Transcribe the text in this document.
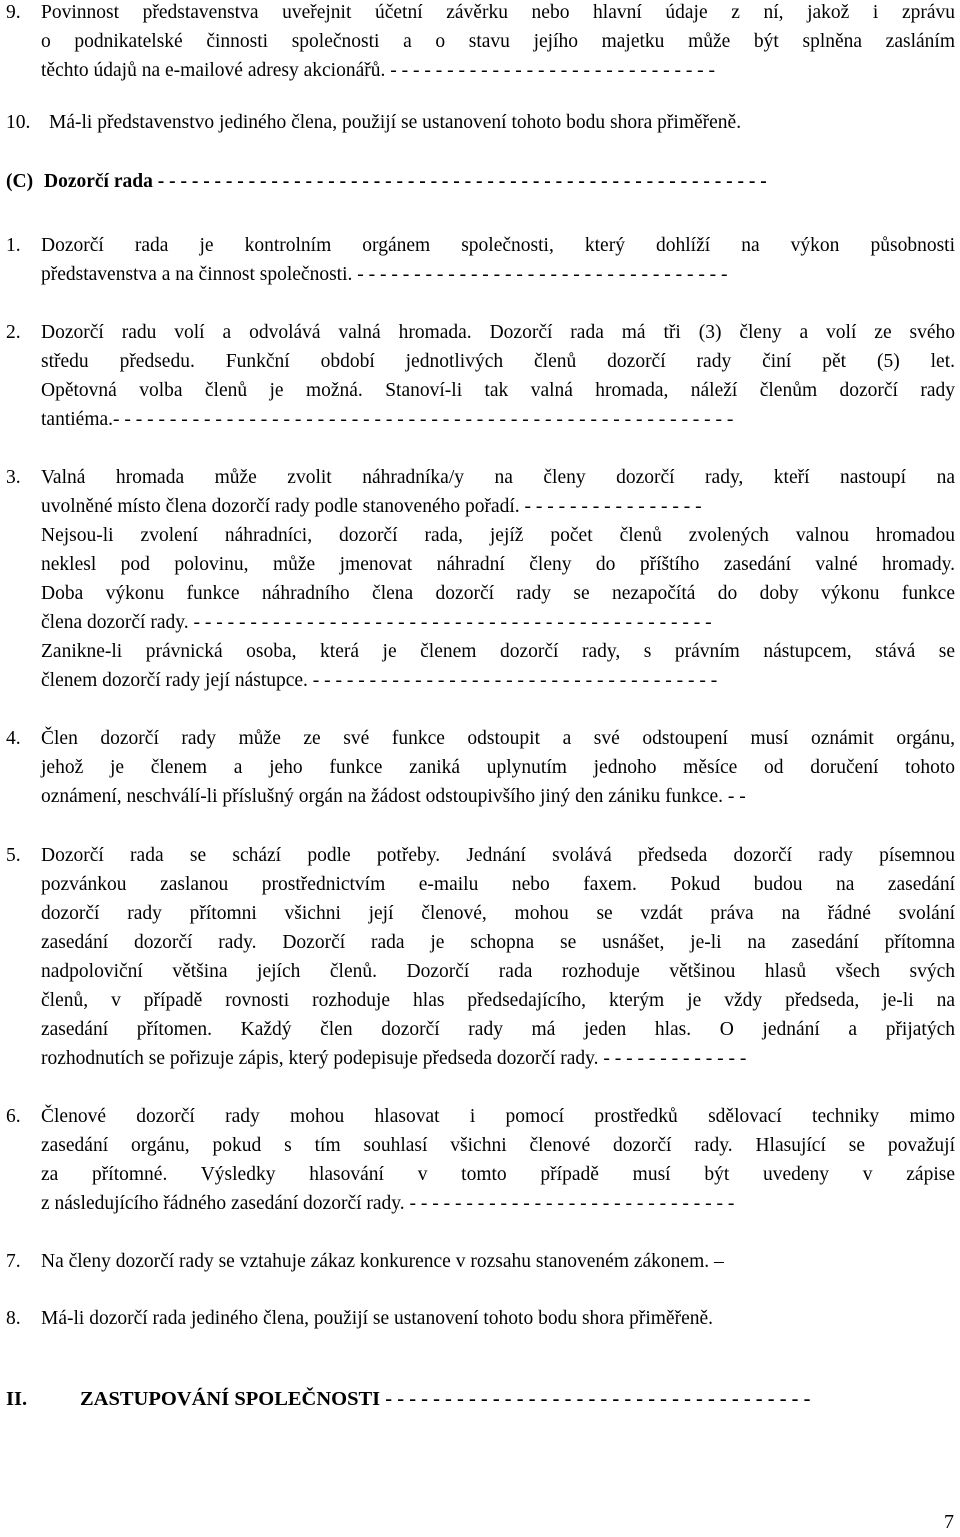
9. Povinnost představenstva uveřejnit účetní závěrku nebo hlavní údaje z ní, jakož i zprávu
o podnikatelské činnosti společnosti a o stavu jejího majetku může být splněna zasláním
těchto údajů na e-mailové adresy akcionářů. - - - - - - - - - - - - - - - - - - - - - - - - - - - - -
10. Má-li představenstvo jediného člena, použijí se ustanovení tohoto bodu shora přiměřeně.
(C) Dozorčí rada - - - - - - - - - - - - - - - - - - - - - - - - - - - - - - - - - - - - - - - - - - - - - - - - - - - - - -
1. Dozorčí rada je kontrolním orgánem společnosti, který dohlíží na výkon působnosti
představenstva a na činnost společnosti. - - - - - - - - - - - - - - - - - - - - - - - - - - - - - - - - -
2. Dozorčí radu volí a odvolává valná hromada. Dozorčí rada má tři (3) členy a volí ze svého
středu předsedu. Funkční období jednotlivých členů dozorčí rady činí pět (5) let.
Opětovná volba členů je možná. Stanoví-li tak valná hromada, náleží členům dozorčí rady
tantiéma.- - - - - - - - - - - - - - - - - - - - - - - - - - - - - - - - - - - - - - - - - - - - - - - - - - - - - - -
3. Valná hromada může zvolit náhradníka/y na členy dozorčí rady, kteří nastoupí na
uvolněné místo člena dozorčí rady podle stanoveného pořadí. - - - - - - - - - - - - - - - -
Nejsou-li zvolení náhradníci, dozorčí rada, jejíž počet členů zvolených valnou hromadou
neklesl pod polovinu, může jmenovat náhradní členy do příštího zasedání valné hromady.
Doba výkonu funkce náhradního člena dozorčí rady se nezapočítá do doby výkonu funkce
člena dozorčí rady. - - - - - - - - - - - - - - - - - - - - - - - - - - - - - - - - - - - - - - - - - - - - - -
Zanikne-li právnická osoba, která je členem dozorčí rady, s právním nástupcem, stává se
členem dozorčí rady její nástupce. - - - - - - - - - - - - - - - - - - - - - - - - - - - - - - - - - - - -
4. Člen dozorčí rady může ze své funkce odstoupit a své odstoupení musí oznámit orgánu,
jehož je členem a jeho funkce zaniká uplynutím jednoho měsíce od doručení tohoto
oznámení, neschválí-li příslušný orgán na žádost odstoupivšího jiný den zániku funkce. - -
5. Dozorčí rada se schází podle potřeby. Jednání svolává předseda dozorčí rady písemnou
pozvánkou zaslanou prostřednictvím e-mailu nebo faxem. Pokud budou na zasedání
dozorčí rady přítomni všichni její členové, mohou se vzdát práva na řádné svolání
zasedání dozorčí rady. Dozorčí rada je schopna se usnášet, je-li na zasedání přítomna
nadpoloviční většina jejích členů. Dozorčí rada rozhoduje většinou hlasů všech svých
členů, v případě rovnosti rozhoduje hlas předsedajícího, kterým je vždy předseda, je-li na
zasedání přítomen. Každý člen dozorčí rady má jeden hlas. O jednání a přijatých
rozhodnutích se pořizuje zápis, který podepisuje předseda dozorčí rady. - - - - - - - - - - - - -
6. Členové dozorčí rady mohou hlasovat i pomocí prostředků sdělovací techniky mimo
zasedání orgánu, pokud s tím souhlasí všichni členové dozorčí rady. Hlasující se považují
za přítomné. Výsledky hlasování v tomto případě musí být uvedeny v zápise
z následujícího řádného zasedání dozorčí rady. - - - - - - - - - - - - - - - - - - - - - - - - - - - - -
7. Na členy dozorčí rady se vztahuje zákaz konkurence v rozsahu stanoveném zákonem. –
8. Má-li dozorčí rada jediného člena, použijí se ustanovení tohoto bodu shora přiměřeně.
II.	ZASTUPOVÁNÍ SPOLEČNOSTI - - - - - - - - - - - - - - - - - - - - - - - - - - - - - - - - - - - -
7
